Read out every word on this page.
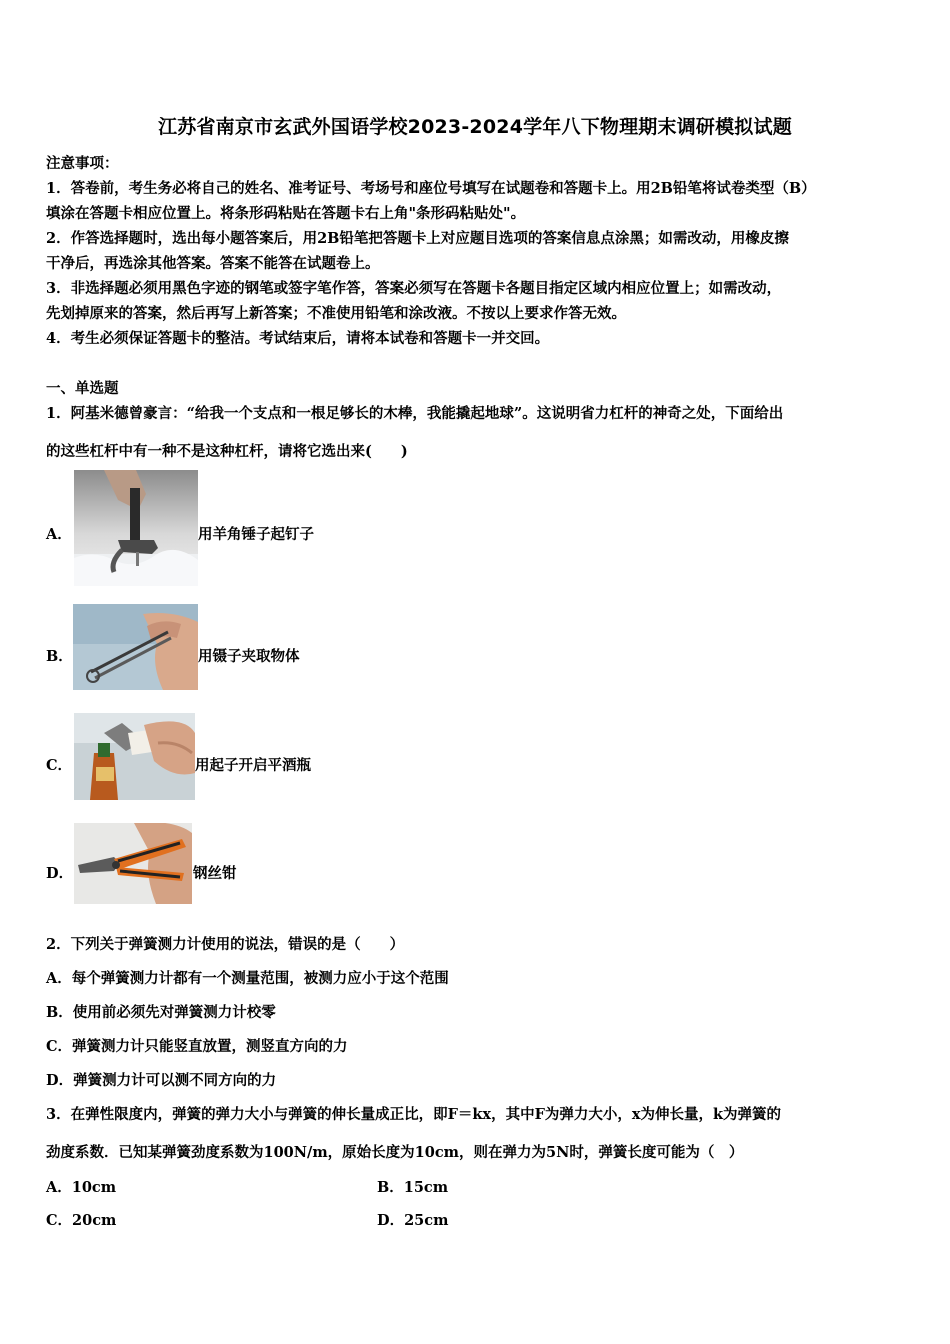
江苏省南京市玄武外国语学校2023-2024学年八下物理期末调研模拟试题
注意事项：
1．答卷前，考生务必将自己的姓名、准考证号、考场号和座位号填写在试题卷和答题卡上。用2B铅笔将试卷类型（B）
填涂在答题卡相应位置上。将条形码粘贴在答题卡右上角"条形码粘贴处"。
2．作答选择题时，选出每小题答案后，用2B铅笔把答题卡上对应题目选项的答案信息点涂黑；如需改动，用橡皮擦
干净后，再选涂其他答案。答案不能答在试题卷上。
3．非选择题必须用黑色字迹的钢笔或签字笔作答，答案必须写在答题卡各题目指定区域内相应位置上；如需改动，
先划掉原来的答案，然后再写上新答案；不准使用铅笔和涂改液。不按以上要求作答无效。
4．考生必须保证答题卡的整洁。考试结束后，请将本试卷和答题卡一并交回。
一、单选题
1．阿基米德曾豪言：“给我一个支点和一根足够长的木棒，我能撬起地球”。这说明省力杠杆的神奇之处，下面给出
的这些杠杆中有一种不是这种杠杆，请将它选出来(　　)
A．	用羊角锤子起钉子
B．	用镊子夹取物体
C．	用起子开启平酒瓶
D．	钢丝钳
2．下列关于弹簧测力计使用的说法，错误的是（　　）
A．每个弹簧测力计都有一个测量范围，被测力应小于这个范围
B．使用前必须先对弹簧测力计校零
C．弹簧测力计只能竖直放置，测竖直方向的力
D．弹簧测力计可以测不同方向的力
3．在弹性限度内，弹簧的弹力大小与弹簧的伸长量成正比，即F＝kx，其中F为弹力大小，x为伸长量，k为弹簧的
劲度系数．已知某弹簧劲度系数为100N/m，原始长度为10cm，则在弹力为5N时，弹簧长度可能为（　）
A．10cm	B．15cm
C．20cm	D．25cm
